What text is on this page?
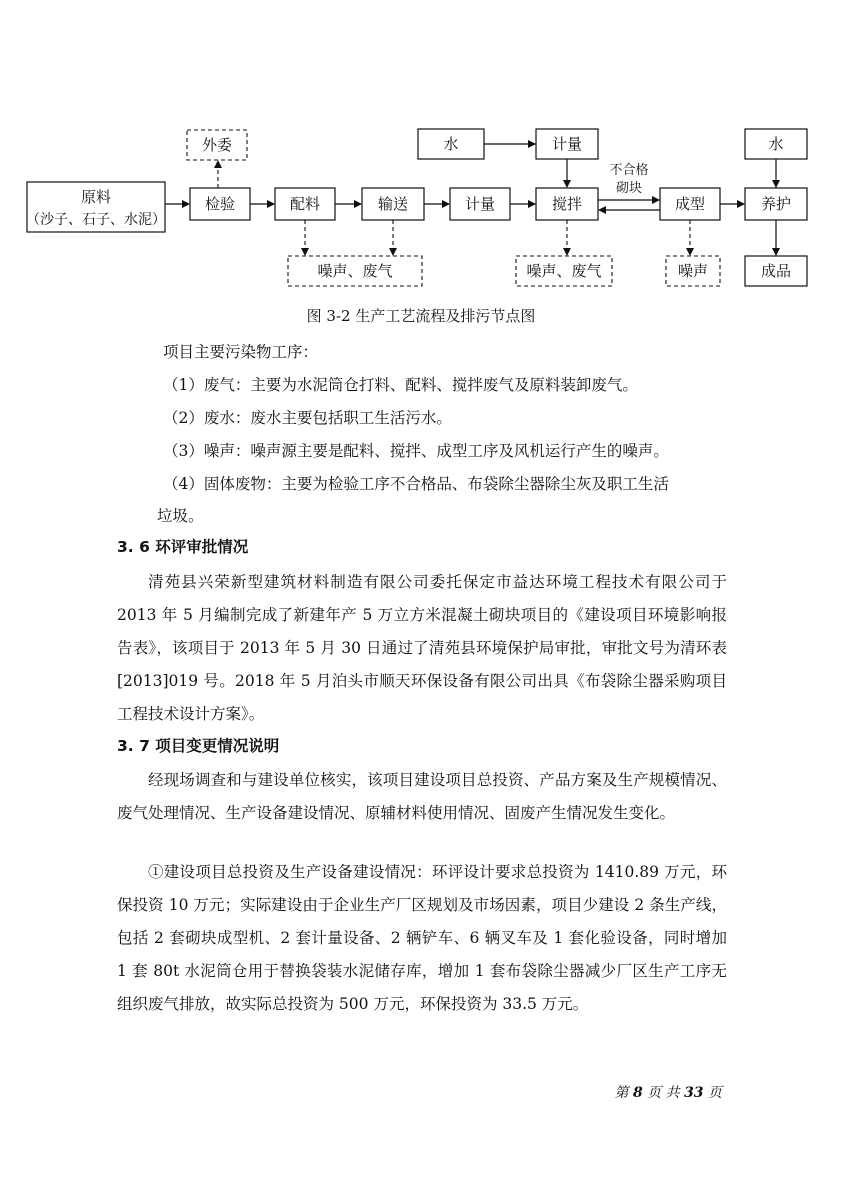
原料
（沙子、石子、水泥）
检验
外委
配料	输送	计量
水	计量
搅拌	成型
水
养护
成品
噪声、废气	噪声、废气	噪声
不合格
砌块
图 3-2 生产工艺流程及排污节点图
项目主要污染物工序：
（1）废气：主要为水泥筒仓打料、配料、搅拌废气及原料装卸废气。
（2）废水：废水主要包括职工生活污水。
（3）噪声：噪声源主要是配料、搅拌、成型工序及风机运行产生的噪声。
（4）固体废物：主要为检验工序不合格品、布袋除尘器除尘灰及职工生活
垃圾。
3. 6 环评审批情况
清苑县兴荣新型建筑材料制造有限公司委托保定市益达环境工程技术有限公司于 2013 年 5 月编制完成了新建年产 5 万立方米混凝土砌块项目的《建设项目环境影响报告表》，该项目于 2013 年 5 月 30 日通过了清苑县环境保护局审批，审批文号为清环表[2013]019 号。2018 年 5 月泊头市顺天环保设备有限公司出具《布袋除尘器采购项目工程技术设计方案》。
3. 7 项目变更情况说明
经现场调查和与建设单位核实，该项目建设项目总投资、产品方案及生产规模情况、废气处理情况、生产设备建设情况、原辅材料使用情况、固废产生情况发生变化。
①建设项目总投资及生产设备建设情况：环评设计要求总投资为 1410.89 万元，环保投资 10 万元；实际建设由于企业生产厂区规划及市场因素，项目少建设 2 条生产线，包括 2 套砌块成型机、2 套计量设备、2 辆铲车、6 辆叉车及 1 套化验设备，同时增加 1 套 80t 水泥筒仓用于替换袋装水泥储存库，增加 1 套布袋除尘器减少厂区生产工序无组织废气排放，故实际总投资为 500 万元，环保投资为 33.5 万元。
第 8 页 共 33 页
